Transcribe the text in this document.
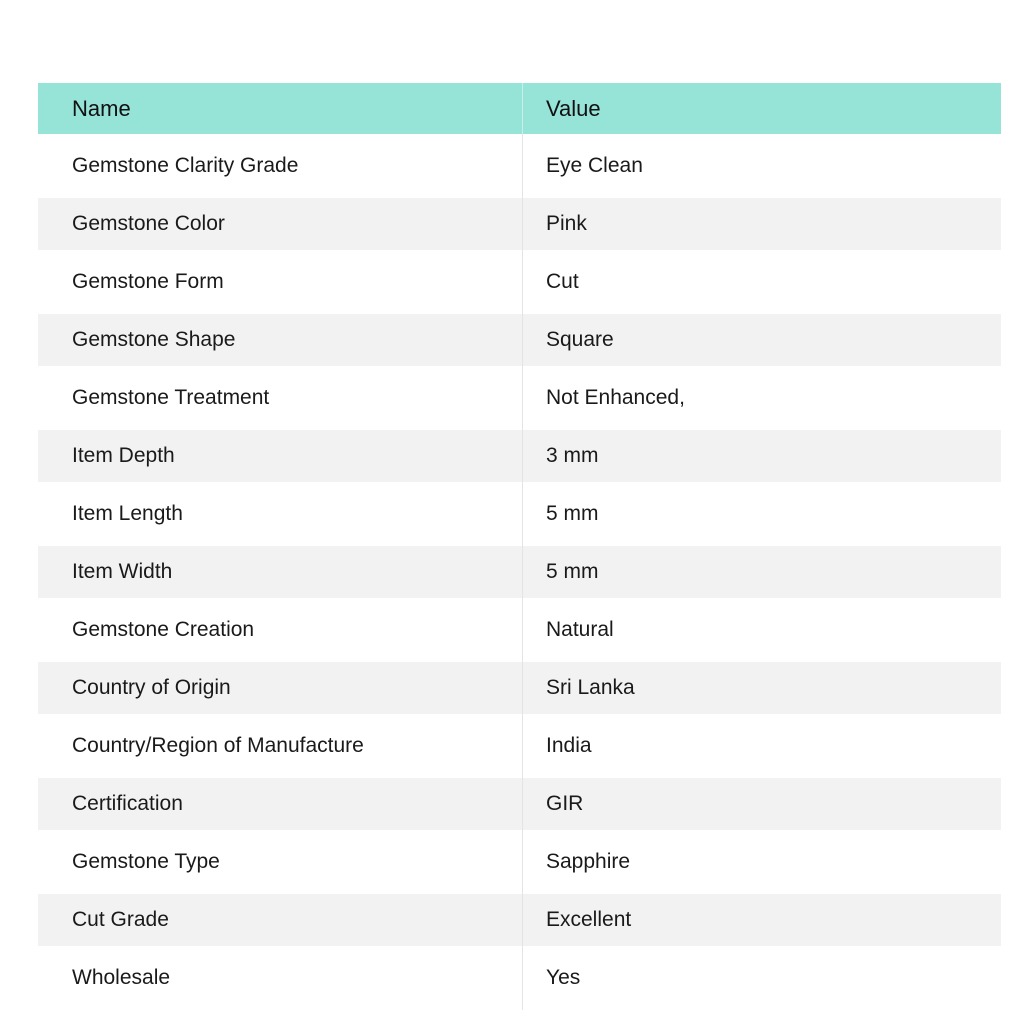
Name	Value
Gemstone Clarity Grade	Eye Clean
Gemstone Color	Pink
Gemstone Form	Cut
Gemstone Shape	Square
Gemstone Treatment	Not Enhanced,
Item Depth	3 mm
Item Length	5 mm
Item Width	5 mm
Gemstone Creation	Natural
Country of Origin	Sri Lanka
Country/Region of Manufacture	India
Certification	GIR
Gemstone Type	Sapphire
Cut Grade	Excellent
Wholesale	Yes
